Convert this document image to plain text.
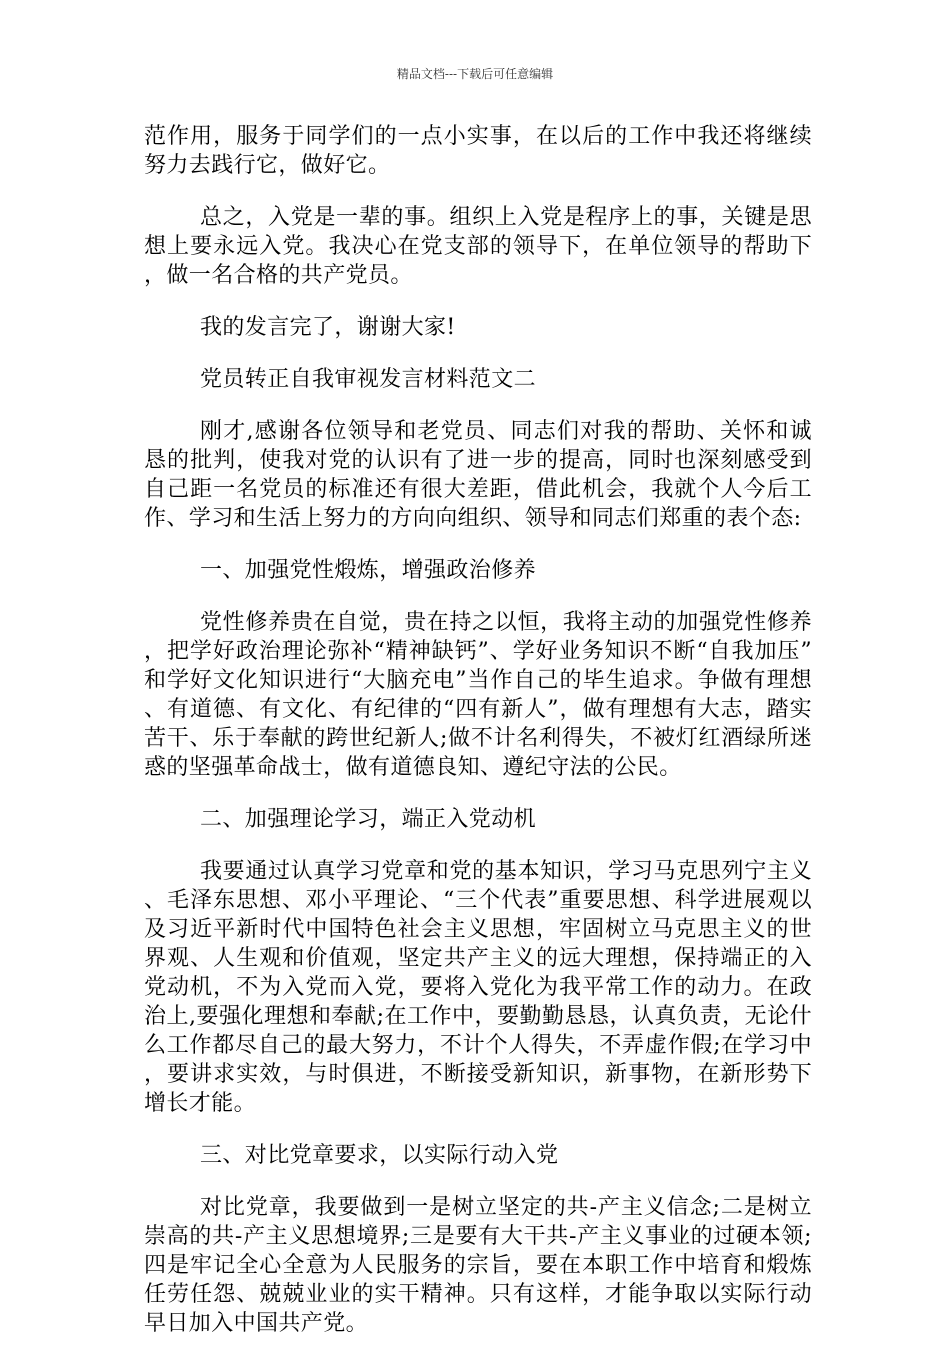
精品文档---下载后可任意编辑

范作用，服务于同学们的一点小实事，在以后的工作中我还将继续努力去践行它，做好它。

总之，入党是一辈的事。组织上入党是程序上的事，关键是思想上要永远入党。我决心在党支部的领导下，在单位领导的帮助下，做一名合格的共产党员。

我的发言完了，谢谢大家!

党员转正自我审视发言材料范文二

刚才,感谢各位领导和老党员、同志们对我的帮助、关怀和诚恳的批判，使我对党的认识有了进一步的提高，同时也深刻感受到自己距一名党员的标准还有很大差距，借此机会，我就个人今后工作、学习和生活上努力的方向向组织、领导和同志们郑重的表个态:

一、加强党性煅炼，增强政治修养

党性修养贵在自觉，贵在持之以恒，我将主动的加强党性修养，把学好政治理论弥补“精神缺钙”、学好业务知识不断“自我加压”和学好文化知识进行“大脑充电”当作自己的毕生追求。争做有理想、有道德、有文化、有纪律的“四有新人”，做有理想有大志，踏实苦干、乐于奉献的跨世纪新人;做不计名利得失，不被灯红酒绿所迷惑的坚强革命战士，做有道德良知、遵纪守法的公民。

二、加强理论学习，端正入党动机

我要通过认真学习党章和党的基本知识，学习马克思列宁主义、毛泽东思想、邓小平理论、“三个代表”重要思想、科学进展观以及习近平新时代中国特色社会主义思想，牢固树立马克思主义的世界观、人生观和价值观，坚定共产主义的远大理想，保持端正的入党动机，不为入党而入党，要将入党化为我平常工作的动力。在政治上,要强化理想和奉献;在工作中，要勤勤恳恳，认真负责，无论什么工作都尽自己的最大努力，不计个人得失，不弄虚作假;在学习中，要讲求实效，与时俱进，不断接受新知识，新事物，在新形势下增长才能。

三、对比党章要求，以实际行动入党

对比党章，我要做到一是树立坚定的共-产主义信念;二是树立崇高的共-产主义思想境界;三是要有大干共-产主义事业的过硬本领;四是牢记全心全意为人民服务的宗旨，要在本职工作中培育和煅炼任劳任怨、兢兢业业的实干精神。只有这样，才能争取以实际行动早日加入中国共产党。
